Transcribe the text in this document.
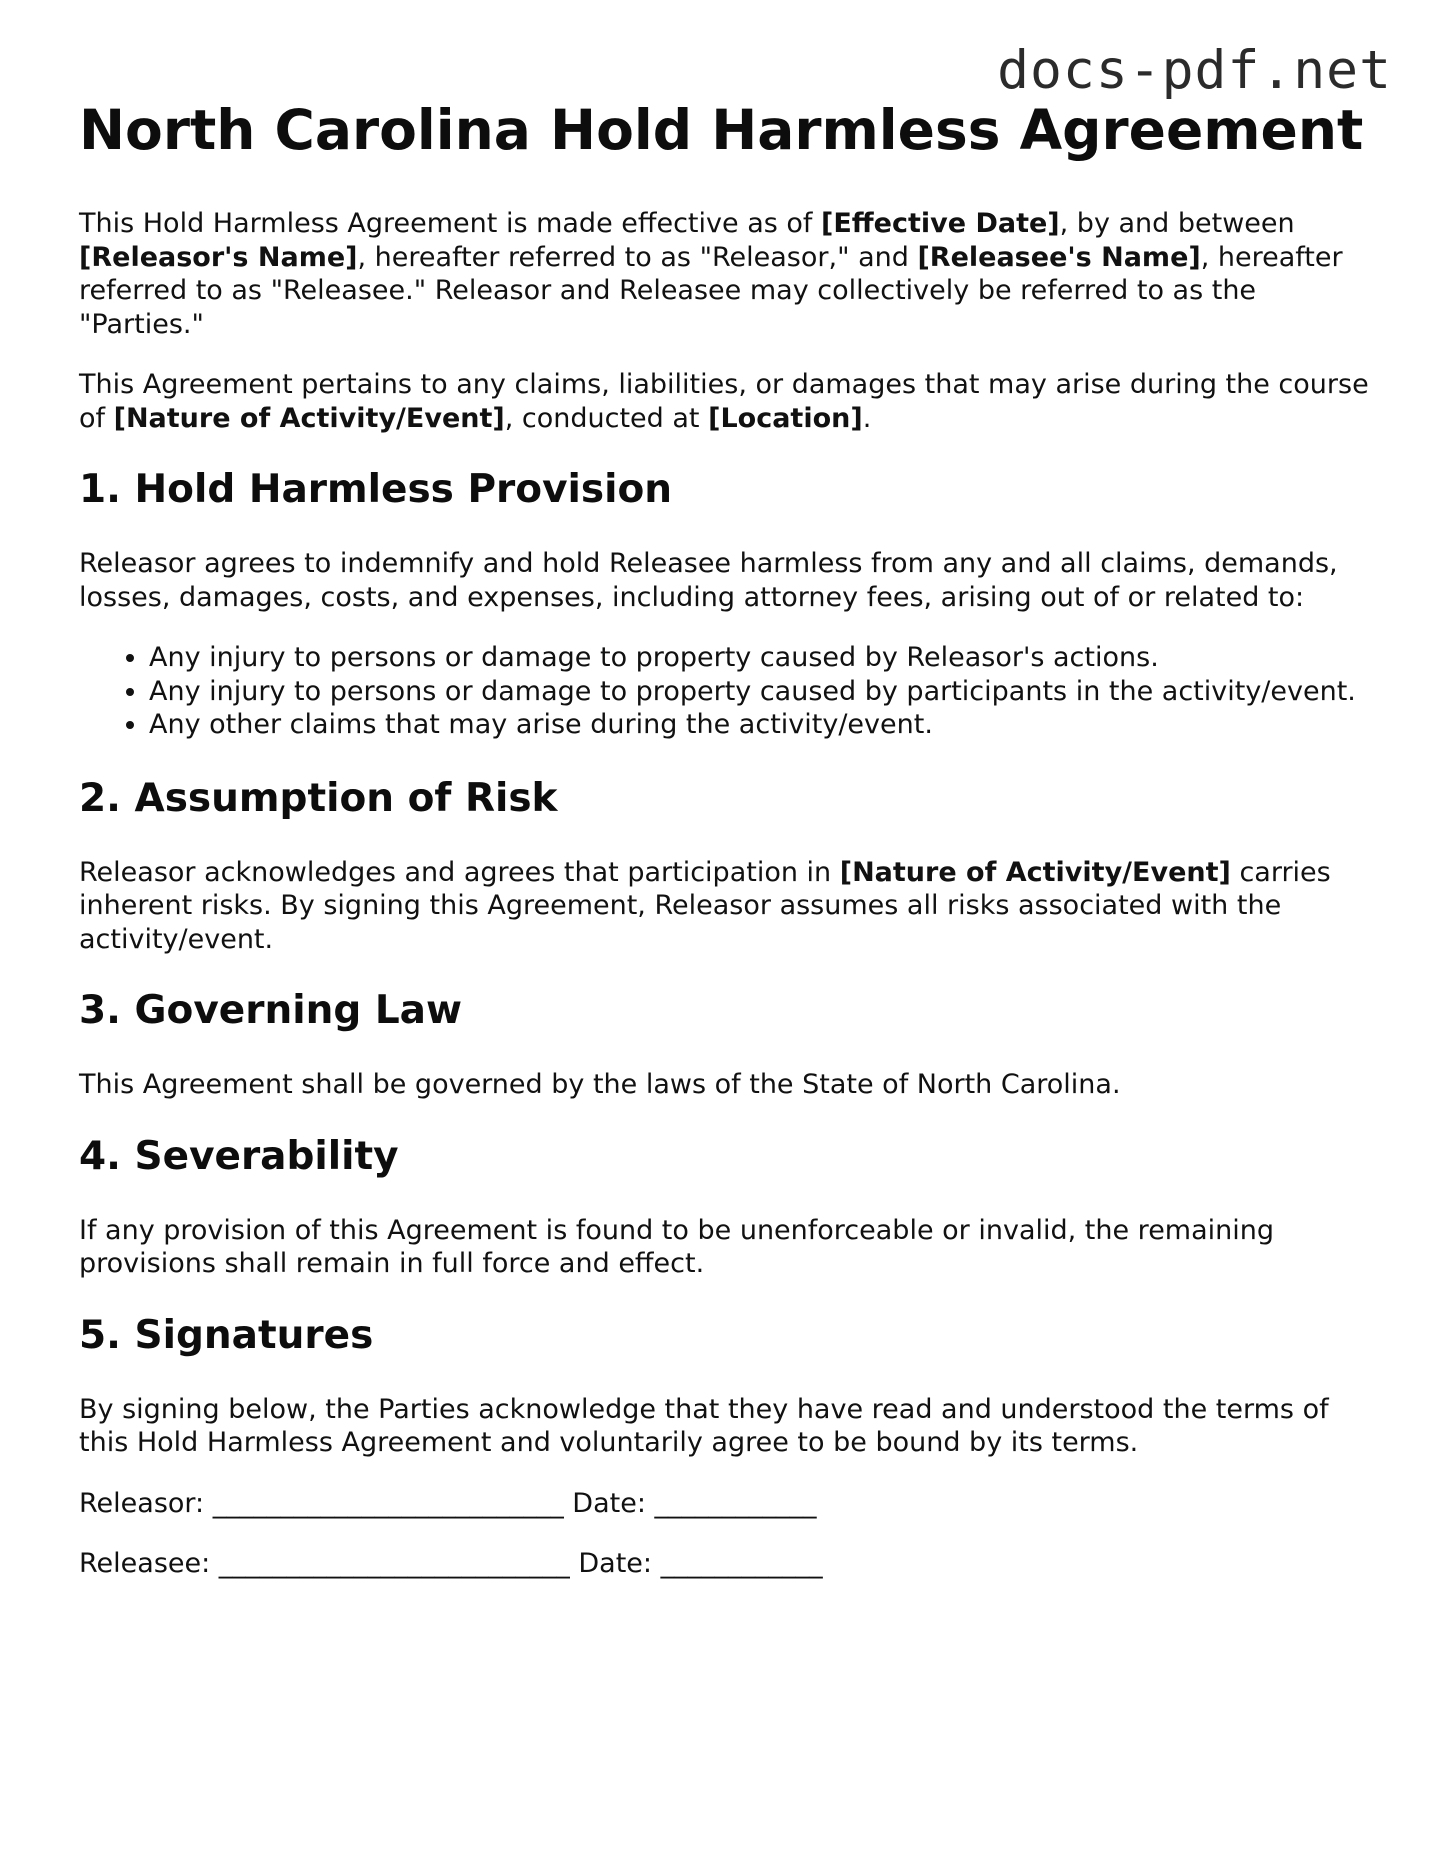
docs-pdf.net
North Carolina Hold Harmless Agreement

This Hold Harmless Agreement is made effective as of [Effective Date], by and between [Releasor's Name], hereafter referred to as "Releasor," and [Releasee's Name], hereafter referred to as "Releasee." Releasor and Releasee may collectively be referred to as the "Parties."

This Agreement pertains to any claims, liabilities, or damages that may arise during the course of [Nature of Activity/Event], conducted at [Location].

1. Hold Harmless Provision

Releasor agrees to indemnify and hold Releasee harmless from any and all claims, demands, losses, damages, costs, and expenses, including attorney fees, arising out of or related to:

• Any injury to persons or damage to property caused by Releasor's actions.
• Any injury to persons or damage to property caused by participants in the activity/event.
• Any other claims that may arise during the activity/event.
2. Assumption of Risk

Releasor acknowledges and agrees that participation in [Nature of Activity/Event] carries inherent risks. By signing this Agreement, Releasor assumes all risks associated with the activity/event.

3. Governing Law

This Agreement shall be governed by the laws of the State of North Carolina.

4. Severability

If any provision of this Agreement is found to be unenforceable or invalid, the remaining provisions shall remain in full force and effect.

5. Signatures

By signing below, the Parties acknowledge that they have read and understood the terms of this Hold Harmless Agreement and voluntarily agree to be bound by its terms.

Releasor: __________________________ Date: ____________
Releasee: __________________________ Date: ____________
